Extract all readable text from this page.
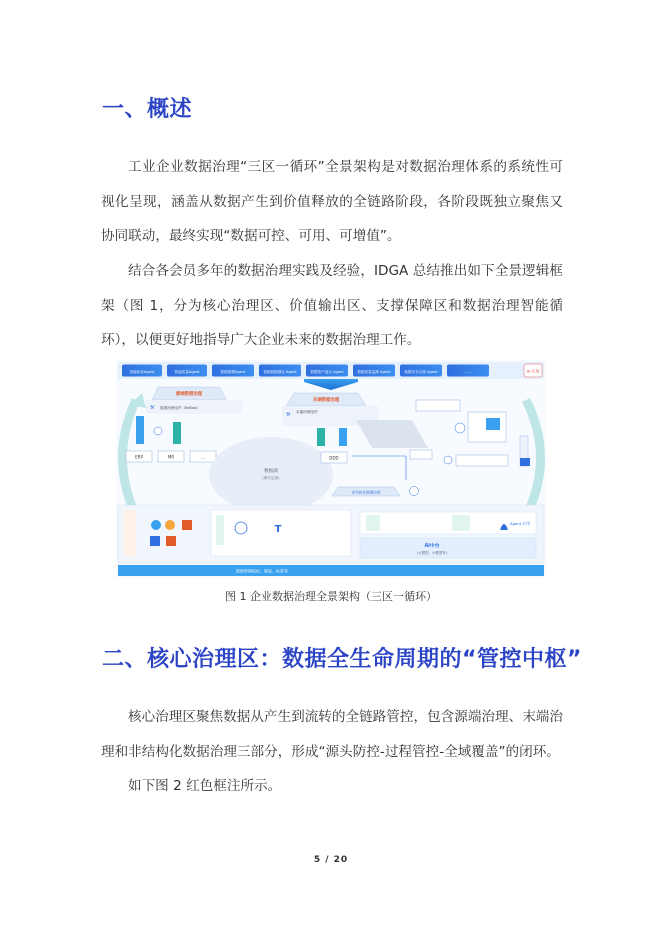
一、概述

工业企业数据治理“三区一循环”全景架构是对数据治理体系的系统性可视化呈现，涵盖从数据产生到价值释放的全链路阶段，各阶段既独立聚焦又协同联动，最终实现“数据可控、可用、可增值”。

结合各会员多年的数据治理实践及经验，IDGA 总结推出如下全景逻辑框架（图 1，分为核心治理区、价值输出区、支撑保障区和数据治理智能循环），以便更好地指导广大企业未来的数据治理工作。

智能标准Agent	智能质量Agent	数据建模Agent	智能数据湖仓 Agent	数据资产盘点 Agent	数据质量监测 Agent	数据安全合规 Agent	......	AI 应用
源端数据治理
⚒ 数据治理组件（BeEdo）
ERP	MR	...
数据湖
(操作层面)
末端数据治理
⚒ 末端治理组件
DDD
非结构化数据治理
T
Agent 应用
AI中台
(大模型、小模型等)
数据管理组织、制度、标准等
图 1 企业数据治理全景架构（三区一循环）
二、核心治理区：数据全生命周期的“管控中枢”

核心治理区聚焦数据从产生到流转的全链路管控，包含源端治理、末端治理和非结构化数据治理三部分，形成“源头防控-过程管控-全域覆盖”的闭环。

如下图 2 红色框注所示。

5 / 20
